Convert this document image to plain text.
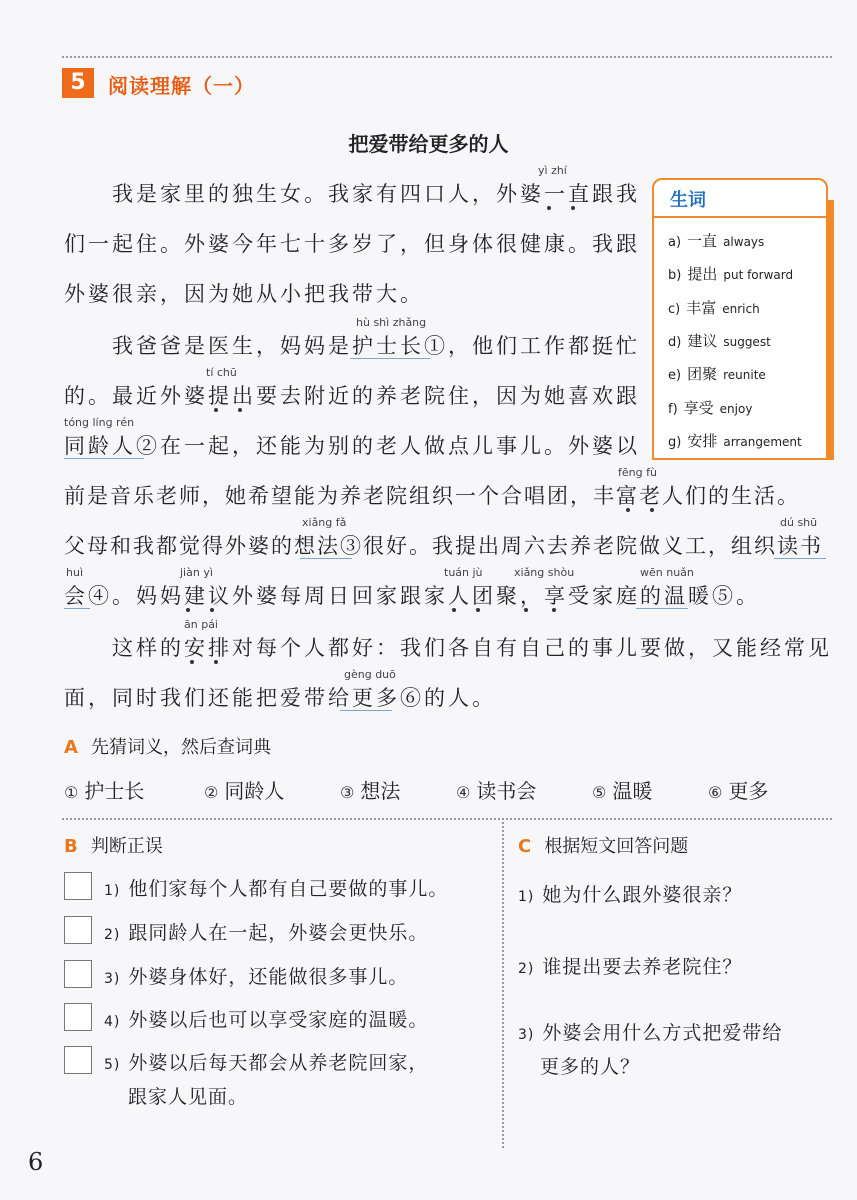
5	阅读理解（一）
把爱带给更多的人
我是家里的独生女。我家有四口人，外婆一直跟我
们一起住。外婆今年七十多岁了，但身体很健康。我跟
外婆很亲，因为她从小把我带大。
我爸爸是医生，妈妈是护士长①，他们工作都挺忙
的。最近外婆提出要去附近的养老院住，因为她喜欢跟
同龄人②在一起，还能为别的老人做点儿事儿。外婆以
前是音乐老师，她希望能为养老院组织一个合唱团，丰富老人们的生活。
父母和我都觉得外婆的想法③很好。我提出周六去养老院做义工，组织读书
会④。妈妈建议外婆每周日回家跟家人团聚，享受家庭的温暖⑤。
这样的安排对每个人都好：我们各自有自己的事儿要做，又能经常见
面，同时我们还能把爱带给更多⑥的人。
yì zhí
hù shì zhǎng
tí chū
tóng líng rén
fēng fù
xiǎng fǎ	dú shū
huì	jiàn yì	tuán jù	xiǎng shòu	wēn nuǎn
ān pái
gèng duō
生词
a) 一直 always
b) 提出 put forward
c) 丰富 enrich
d) 建议 suggest
e) 团聚 reunite
f) 享受 enjoy
g) 安排 arrangement
A 先猜词义，然后查词典
① 护士长	② 同龄人	③ 想法	④ 读书会	⑤ 温暖	⑥ 更多
B 判断正误
1) 他们家每个人都有自己要做的事儿。
2) 跟同龄人在一起，外婆会更快乐。
3) 外婆身体好，还能做很多事儿。
4) 外婆以后也可以享受家庭的温暖。
5) 外婆以后每天都会从养老院回家，
跟家人见面。
C 根据短文回答问题
1) 她为什么跟外婆很亲？
2) 谁提出要去养老院住？
3) 外婆会用什么方式把爱带给
更多的人？
6
